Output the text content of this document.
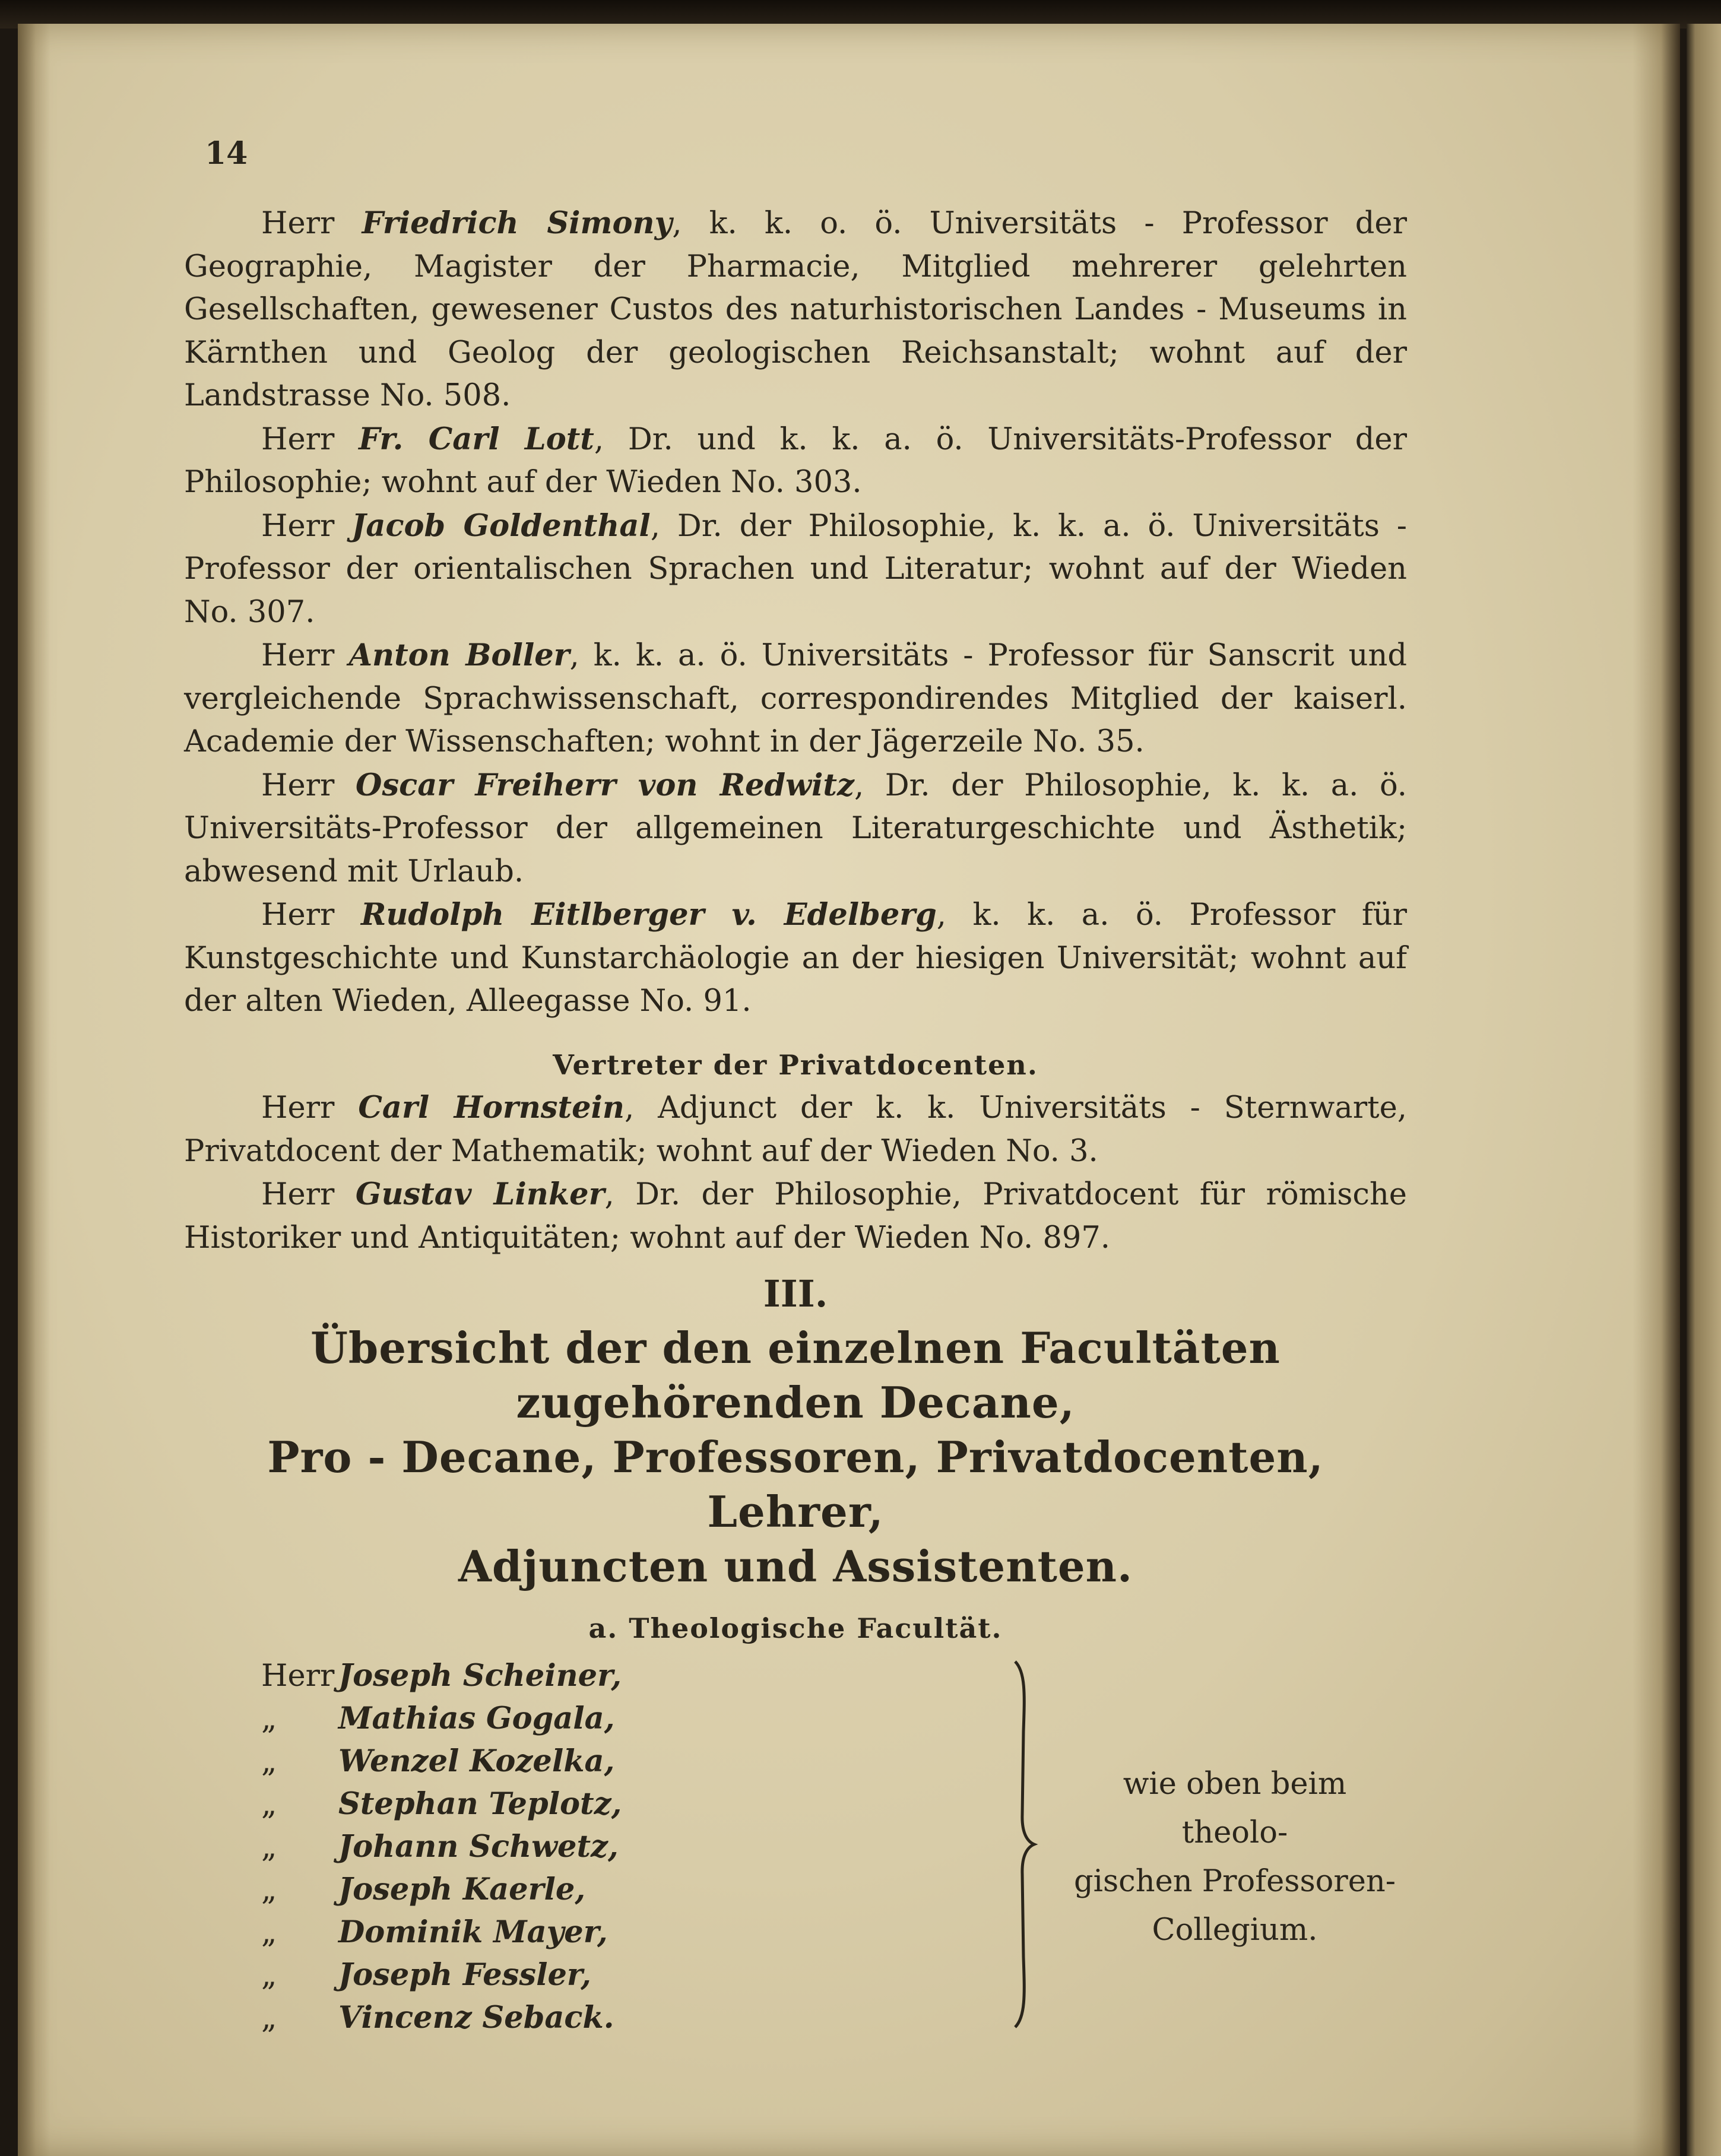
14

Herr Friedrich Simony, k. k. o. ö. Universitäts - Professor der Geographie, Magister der Pharmacie, Mitglied mehrerer gelehrten Gesellschaften, gewesener Custos des naturhistorischen Landes - Museums in Kärnthen und Geolog der geologischen Reichsanstalt; wohnt auf der Landstrasse No. 508.

Herr Fr. Carl Lott, Dr. und k. k. a. ö. Universitäts-Professor der Philosophie; wohnt auf der Wieden No. 303.

Herr Jacob Goldenthal, Dr. der Philosophie, k. k. a. ö. Universitäts - Professor der orientalischen Sprachen und Literatur; wohnt auf der Wieden No. 307.

Herr Anton Boller, k. k. a. ö. Universitäts - Professor für Sanscrit und vergleichende Sprachwissenschaft, correspondirendes Mitglied der kaiserl. Academie der Wissenschaften; wohnt in der Jägerzeile No. 35.

Herr Oscar Freiherr von Redwitz, Dr. der Philosophie, k. k. a. ö. Universitäts-Professor der allgemeinen Literaturgeschichte und Ästhetik; abwesend mit Urlaub.

Herr Rudolph Eitlberger v. Edelberg, k. k. a. ö. Professor für Kunstgeschichte und Kunstarchäologie an der hiesigen Universität; wohnt auf der alten Wieden, Alleegasse No. 91.

Vertreter der Privatdocenten.

Herr Carl Hornstein, Adjunct der k. k. Universitäts - Sternwarte, Privatdocent der Mathematik; wohnt auf der Wieden No. 3.

Herr Gustav Linker, Dr. der Philosophie, Privatdocent für römische Historiker und Antiquitäten; wohnt auf der Wieden No. 897.

III.
Übersicht der den einzelnen Facultäten zugehörenden Decane,
Pro - Decane, Professoren, Privatdocenten, Lehrer,
Adjuncten und Assistenten.
a. Theologische Facultät.
Herr Joseph Scheiner,
„ Mathias Gogala,
„ Wenzel Kozelka,
„ Stephan Teplotz,
„ Johann Schwetz,
„ Joseph Kaerle,
„ Dominik Mayer,
„ Joseph Fessler,
„ Vincenz Seback.
wie oben beim theolo-
gischen Professoren-
Collegium.
